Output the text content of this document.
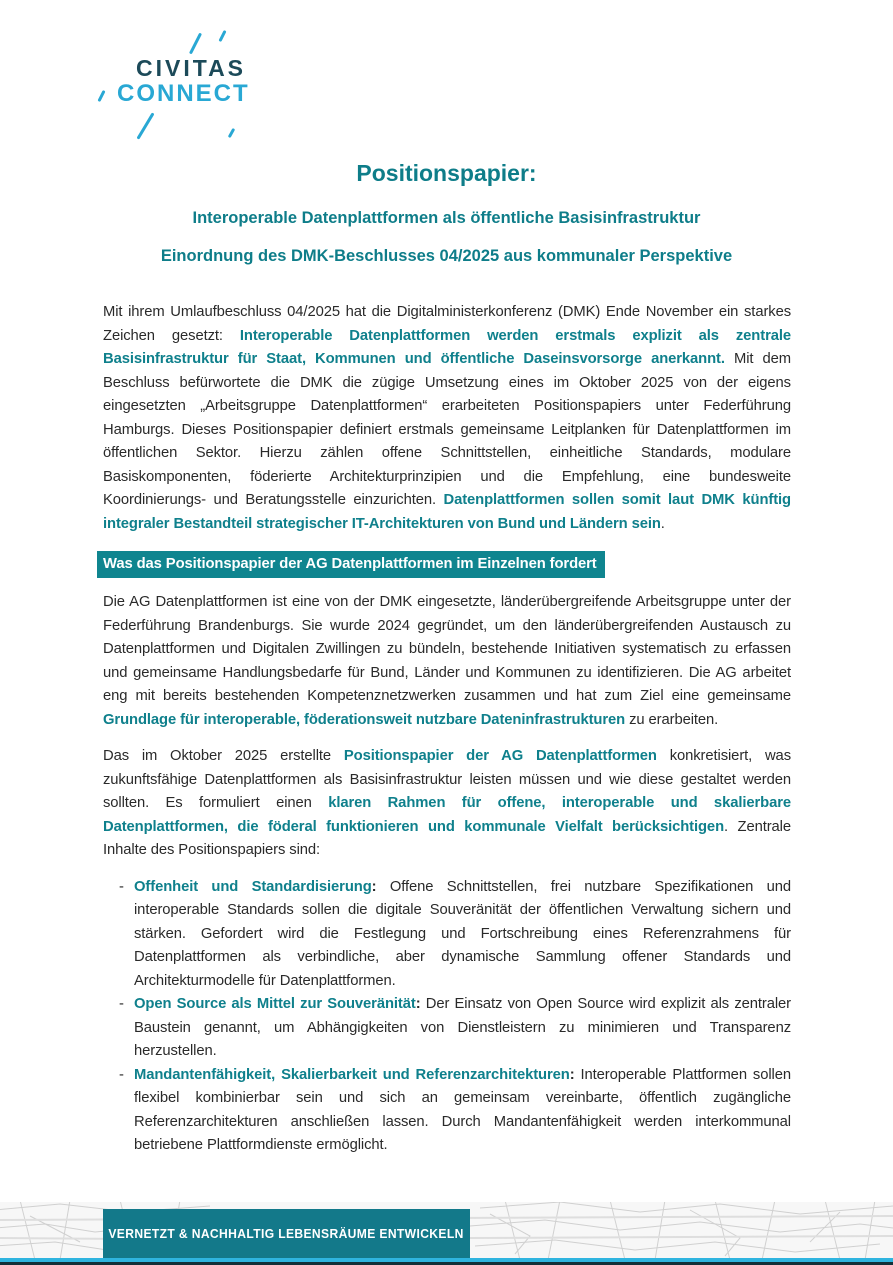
CIVITAS
CONNECT
Positionspapier:
Interoperable Datenplattformen als öffentliche Basisinfrastruktur
Einordnung des DMK-Beschlusses 04/2025 aus kommunaler Perspektive

Mit ihrem Umlaufbeschluss 04/2025 hat die Digitalministerkonferenz (DMK) Ende November ein starkes Zeichen gesetzt: Interoperable Datenplattformen werden erstmals explizit als zentrale Basisinfrastruktur für Staat, Kommunen und öffentliche Daseinsvorsorge anerkannt. Mit dem Beschluss befürwortete die DMK die zügige Umsetzung eines im Oktober 2025 von der eigens eingesetzten „Arbeitsgruppe Datenplattformen“ erarbeiteten Positionspapiers unter Federführung Hamburgs. Dieses Positionspapier definiert erstmals gemeinsame Leitplanken für Datenplattformen im öffentlichen Sektor. Hierzu zählen offene Schnittstellen, einheitliche Standards, modulare Basiskomponenten, föderierte Architekturprinzipien und die Empfehlung, eine bundesweite Koordinierungs- und Beratungsstelle einzurichten. Datenplattformen sollen somit laut DMK künftig integraler Bestandteil strategischer IT-Architekturen von Bund und Ländern sein.

Was das Positionspapier der AG Datenplattformen im Einzelnen fordert

Die AG Datenplattformen ist eine von der DMK eingesetzte, länderübergreifende Arbeitsgruppe unter der Federführung Brandenburgs. Sie wurde 2024 gegründet, um den länderübergreifenden Austausch zu Datenplattformen und Digitalen Zwillingen zu bündeln, bestehende Initiativen systematisch zu erfassen und gemeinsame Handlungsbedarfe für Bund, Länder und Kommunen zu identifizieren. Die AG arbeitet eng mit bereits bestehenden Kompetenznetzwerken zusammen und hat zum Ziel eine gemeinsame Grundlage für interoperable, föderationsweit nutzbare Dateninfrastrukturen zu erarbeiten.

Das im Oktober 2025 erstellte Positionspapier der AG Datenplattformen konkretisiert, was zukunftsfähige Datenplattformen als Basisinfrastruktur leisten müssen und wie diese gestaltet werden sollten. Es formuliert einen klaren Rahmen für offene, interoperable und skalierbare Datenplattformen, die föderal funktionieren und kommunale Vielfalt berücksichtigen. Zentrale Inhalte des Positionspapiers sind:

- Offenheit und Standardisierung: Offene Schnittstellen, frei nutzbare Spezifikationen und interoperable Standards sollen die digitale Souveränität der öffentlichen Verwaltung sichern und stärken. Gefordert wird die Festlegung und Fortschreibung eines Referenzrahmens für Datenplattformen als verbindliche, aber dynamische Sammlung offener Standards und Architekturmodelle für Datenplattformen.
- Open Source als Mittel zur Souveränität: Der Einsatz von Open Source wird explizit als zentraler Baustein genannt, um Abhängigkeiten von Dienstleistern zu minimieren und Transparenz herzustellen.
- Mandantenfähigkeit, Skalierbarkeit und Referenzarchitekturen: Interoperable Plattformen sollen flexibel kombinierbar sein und sich an gemeinsam vereinbarte, öffentlich zugängliche Referenzarchitekturen anschließen lassen. Durch Mandantenfähigkeit werden interkommunal betriebene Plattformdienste ermöglicht.
VERNETZT & NACHHALTIG LEBENSRÄUME ENTWICKELN
